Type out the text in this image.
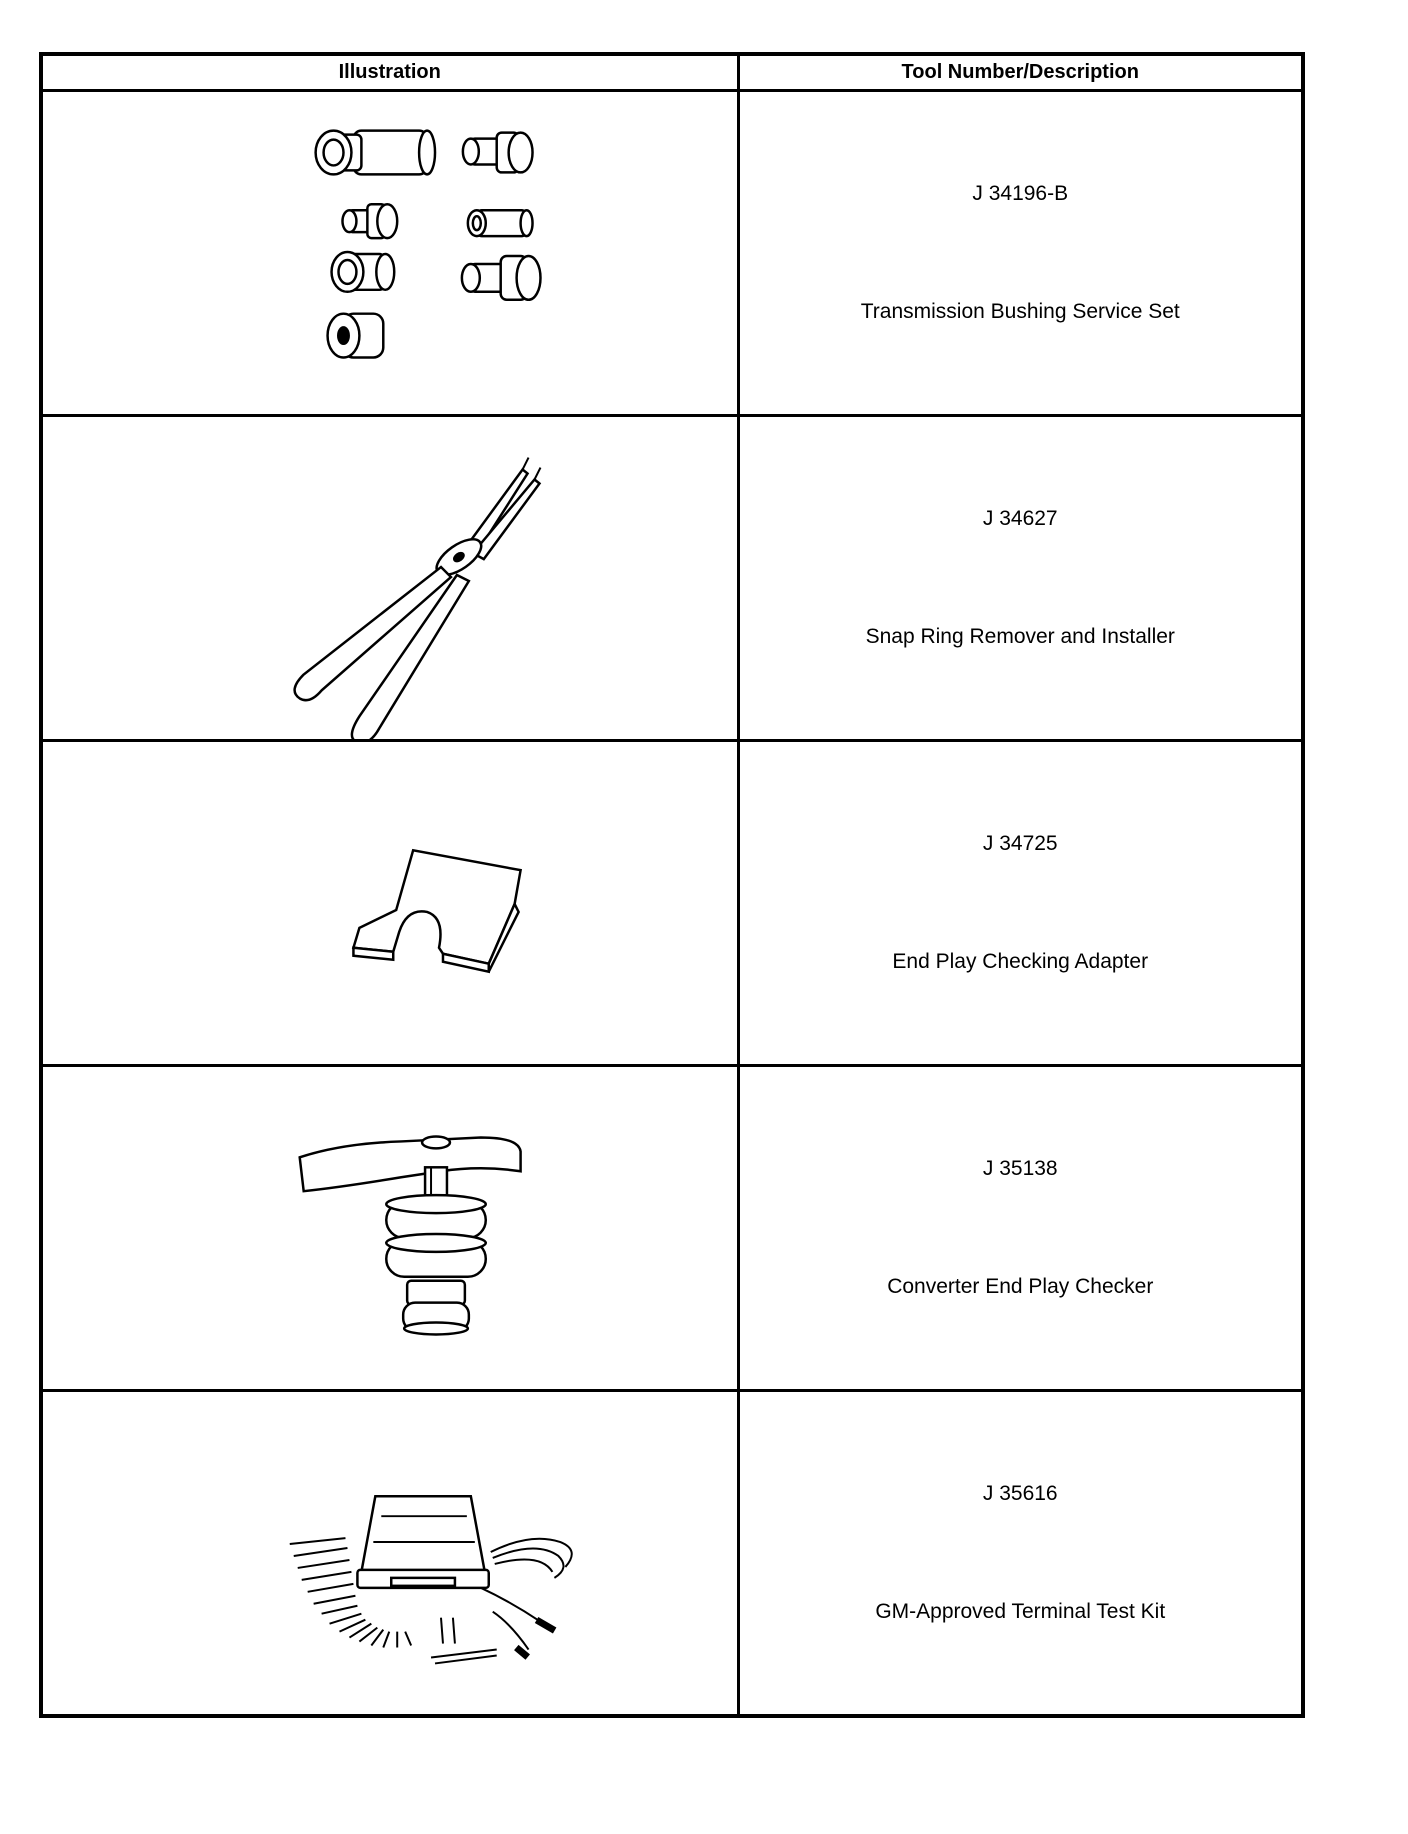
Illustration	Tool Number/Description

J 34196-B
Transmission Bushing Service Set

J 34627
Snap Ring Remover and Installer

J 34725
End Play Checking Adapter

J 35138
Converter End Play Checker

J 35616
GM-Approved Terminal Test Kit
